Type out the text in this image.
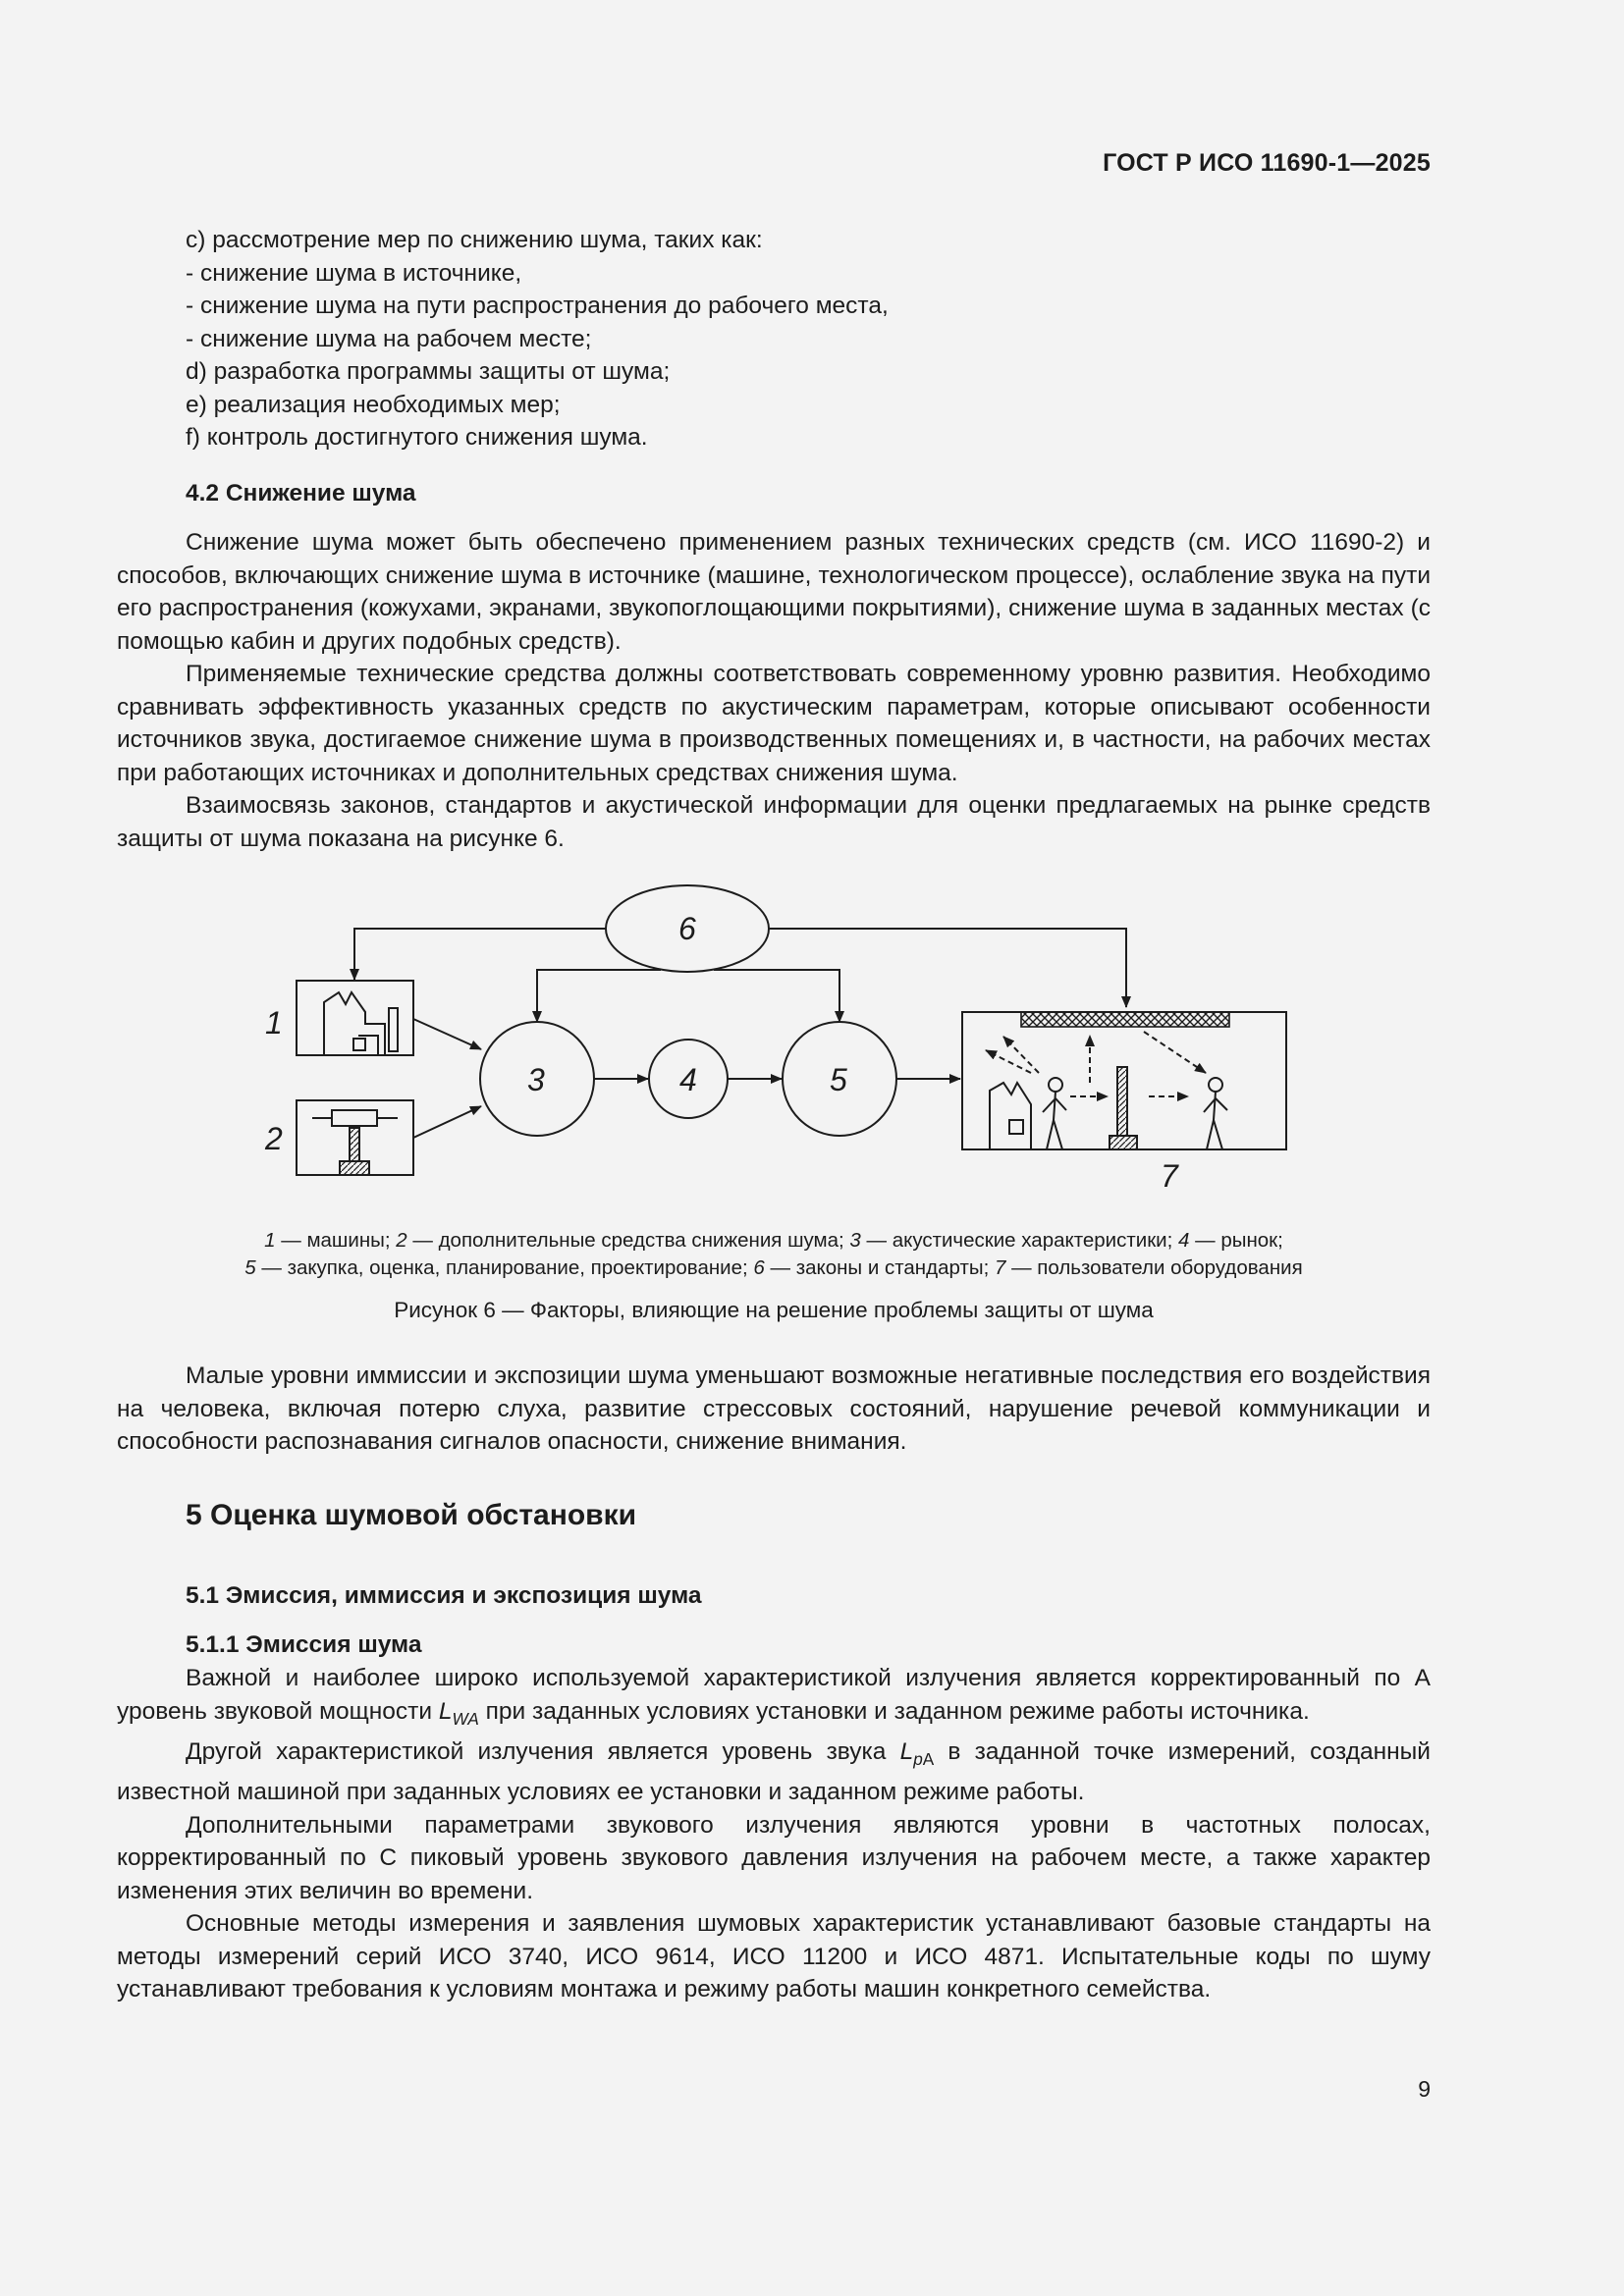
ГОСТ Р ИСО 11690-1—2025

c) рассмотрение мер по снижению шума, таких как:

- снижение шума в источнике,

- снижение шума на пути распространения до рабочего места,

- снижение шума на рабочем месте;

d) разработка программы защиты от шума;

e) реализация необходимых мер;

f) контроль достигнутого снижения шума.

4.2 Снижение шума

Снижение шума может быть обеспечено применением разных технических средств (см. ИСО 11690-2) и способов, включающих снижение шума в источнике (машине, технологическом процессе), ослабление звука на пути его распространения (кожухами, экранами, звукопоглощающими покрытиями), снижение шума в заданных местах (с помощью кабин и других подобных средств).

Применяемые технические средства должны соответствовать современному уровню развития. Необходимо сравнивать эффективность указанных средств по акустическим параметрам, которые описывают особенности источников звука, достигаемое снижение шума в производственных помещениях и, в частности, на рабочих местах при работающих источниках и дополнительных средствах снижения шума.

Взаимосвязь законов, стандартов и акустической информации для оценки предлагаемых на рынке средств защиты от шума показана на рисунке 6.

1
2
3	4	5
6
7
1 — машины; 2 — дополнительные средства снижения шума; 3 — акустические характеристики; 4 — рынок;
5 — закупка, оценка, планирование, проектирование; 6 — законы и стандарты; 7 — пользователи оборудования
Рисунок 6 — Факторы, влияющие на решение проблемы защиты от шума

Малые уровни иммиссии и экспозиции шума уменьшают возможные негативные последствия его воздействия на человека, включая потерю слуха, развитие стрессовых состояний, нарушение речевой коммуникации и способности распознавания сигналов опасности, снижение внимания.

5 Оценка шумовой обстановки
5.1 Эмиссия, иммиссия и экспозиция шума
5.1.1 Эмиссия шума

Важной и наиболее широко используемой характеристикой излучения является корректированный по А уровень звуковой мощности $L_{WA}$ при заданных условиях установки и заданном режиме работы источника.

Другой характеристикой излучения является уровень звука $L_{pA}$ в заданной точке измерений, созданный известной машиной при заданных условиях ее установки и заданном режиме работы.

Дополнительными параметрами звукового излучения являются уровни в частотных полосах, корректированный по С пиковый уровень звукового давления излучения на рабочем месте, а также характер изменения этих величин во времени.

Основные методы измерения и заявления шумовых характеристик устанавливают базовые стандарты на методы измерений серий ИСО 3740, ИСО 9614, ИСО 11200 и ИСО 4871. Испытательные коды по шуму устанавливают требования к условиям монтажа и режиму работы машин конкретного семейства.

9
